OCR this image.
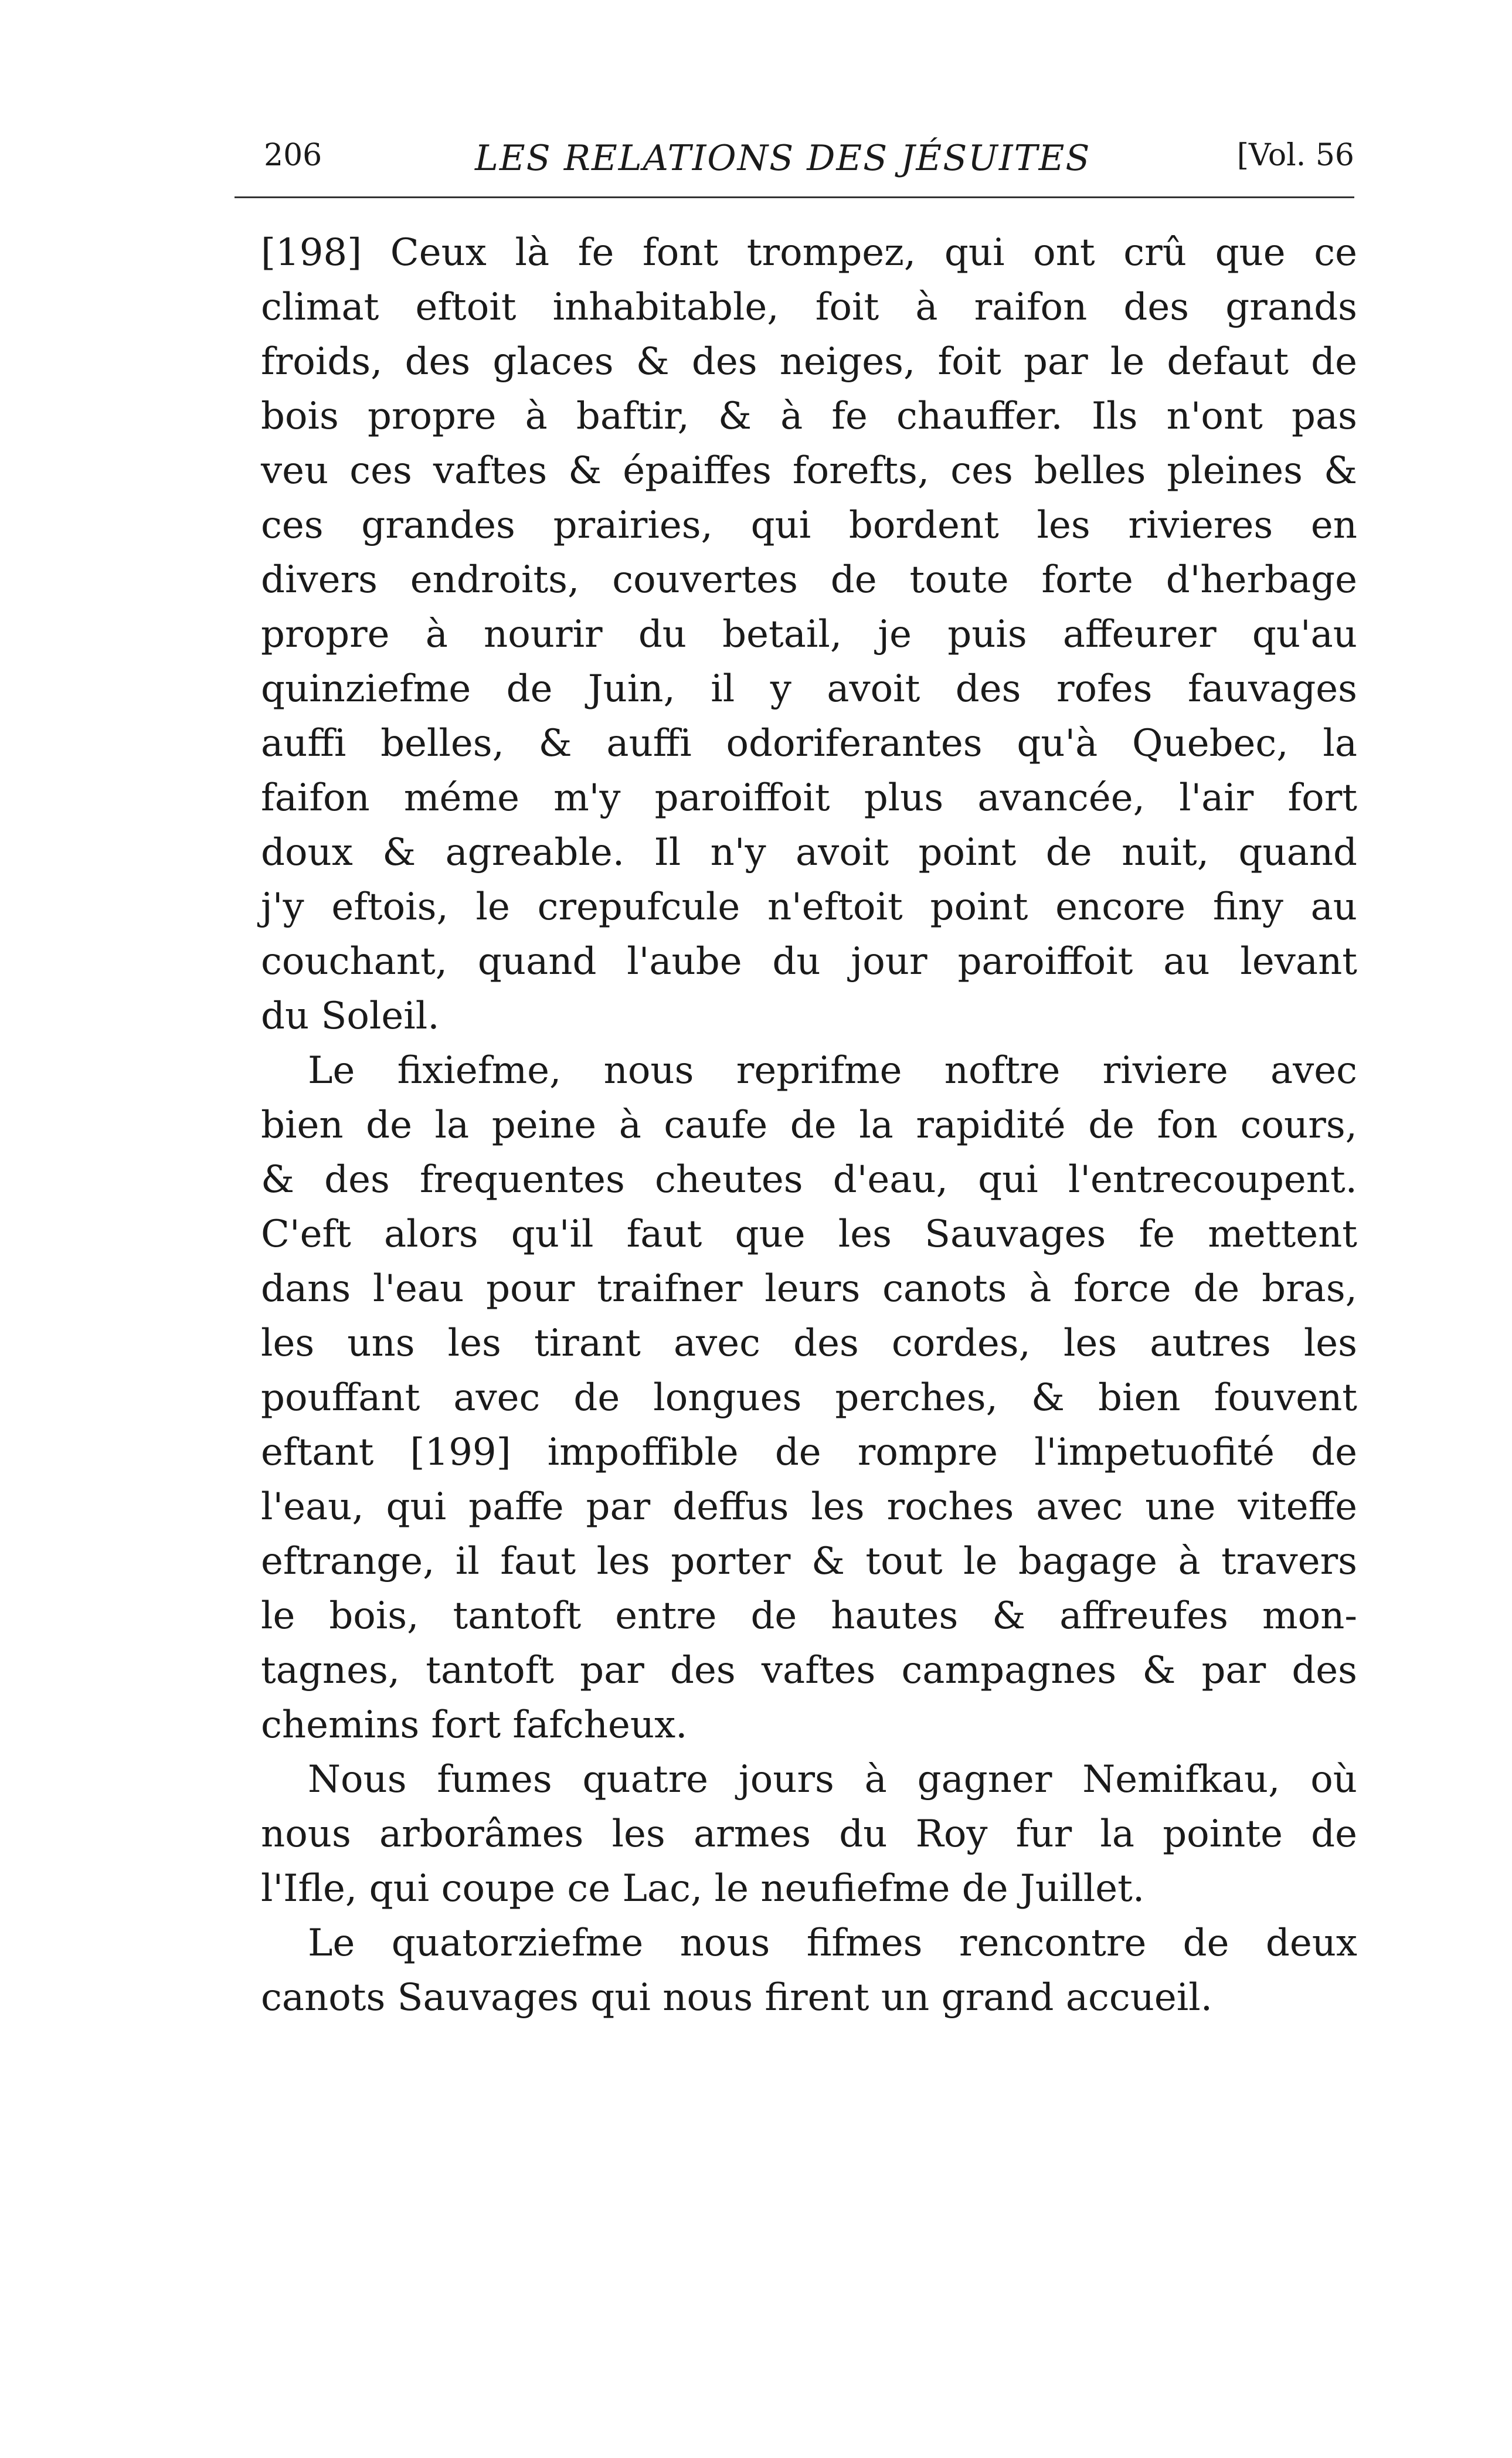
206	LES RELATIONS DES JÉSUITES	[Vol. 56
[198] Ceux là fe font trompez, qui ont crû que ce
climat eftoit inhabitable, foit à raifon des grands
froids, des glaces & des neiges, foit par le defaut de
bois propre à baftir, & à fe chauffer. Ils n'ont pas
veu ces vaftes & épaiffes forefts, ces belles pleines &
ces grandes prairies, qui bordent les rivieres en
divers endroits, couvertes de toute forte d'herbage
propre à nourir du betail, je puis affeurer qu'au
quinziefme de Juin, il y avoit des rofes fauvages
auffi belles, & auffi odoriferantes qu'à Quebec, la
faifon méme m'y paroiffoit plus avancée, l'air fort
doux & agreable. Il n'y avoit point de nuit, quand
j'y eftois, le crepufcule n'eftoit point encore finy au
couchant, quand l'aube du jour paroiffoit au levant
du Soleil.
Le fixiefme, nous reprifme noftre riviere avec
bien de la peine à caufe de la rapidité de fon cours,
& des frequentes cheutes d'eau, qui l'entrecoupent.
C'eft alors qu'il faut que les Sauvages fe mettent
dans l'eau pour traifner leurs canots à force de bras,
les uns les tirant avec des cordes, les autres les
pouffant avec de longues perches, & bien fouvent
eftant [199] impoffible de rompre l'impetuofité de
l'eau, qui paffe par deffus les roches avec une viteffe
eftrange, il faut les porter & tout le bagage à travers
le bois, tantoft entre de hautes & affreufes mon-
tagnes, tantoft par des vaftes campagnes & par des
chemins fort fafcheux.
Nous fumes quatre jours à gagner Nemifkau, où
nous arborâmes les armes du Roy fur la pointe de
l'Ifle, qui coupe ce Lac, le neufiefme de Juillet.
Le quatorziefme nous fifmes rencontre de deux
canots Sauvages qui nous firent un grand accueil.
